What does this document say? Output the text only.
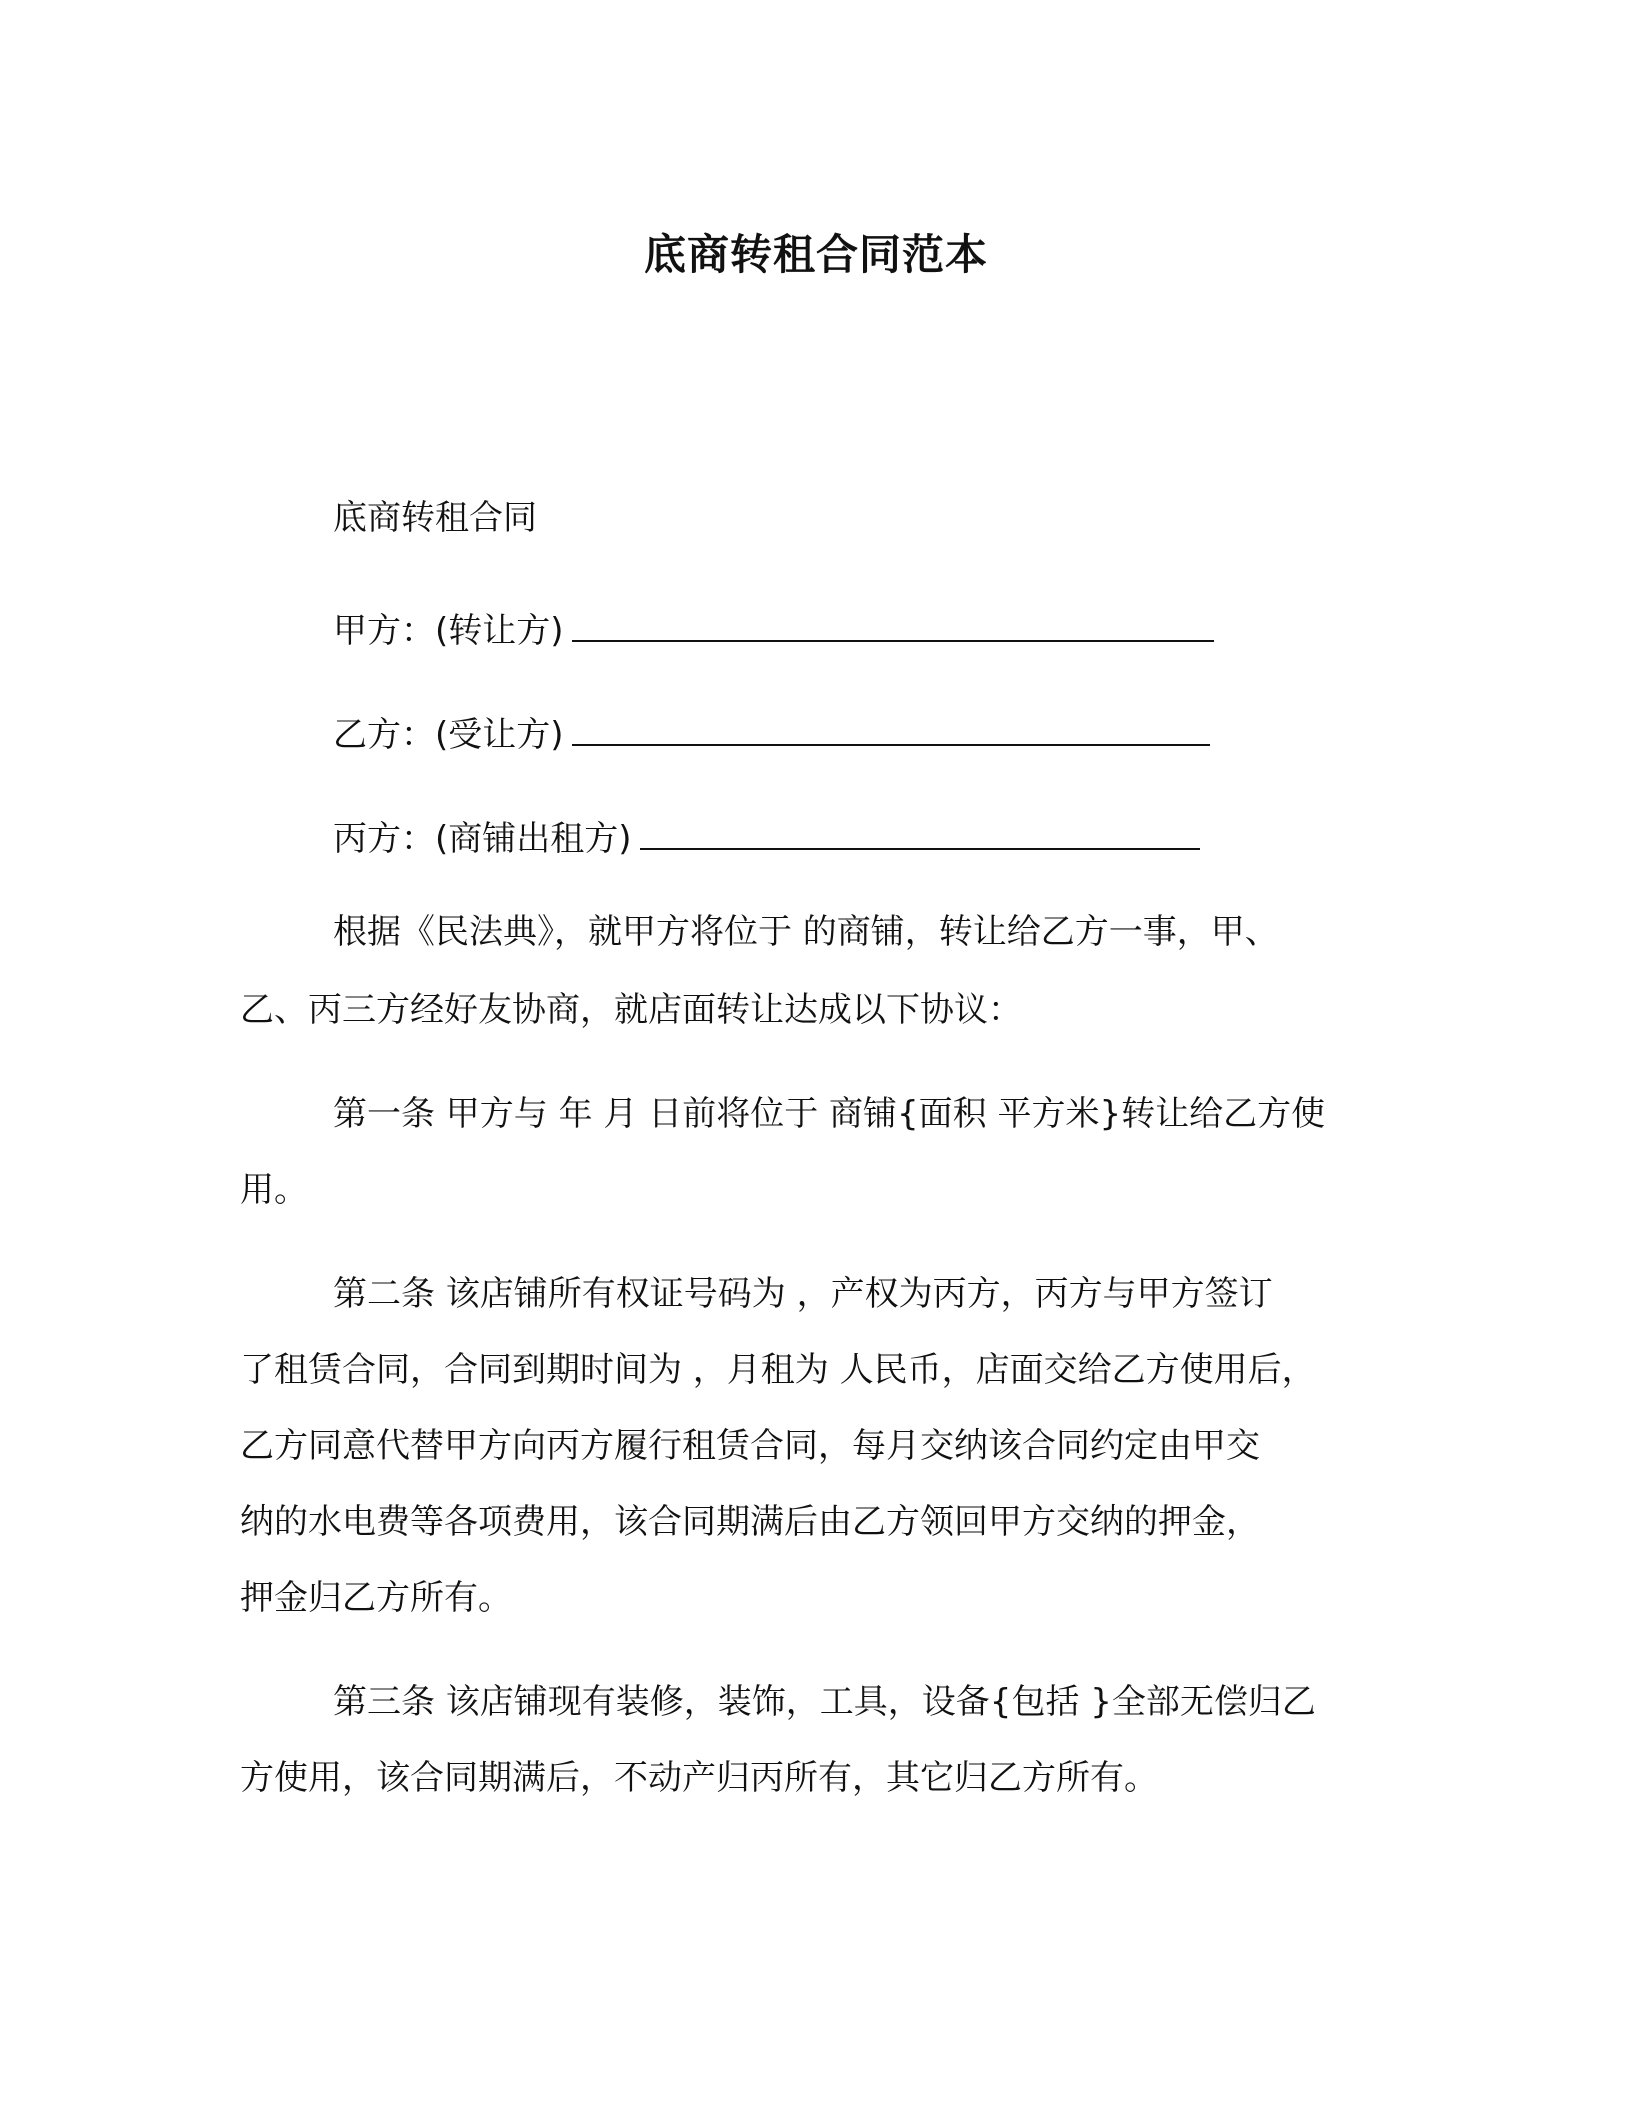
底商转租合同范本

底商转租合同

甲方：(转让方)

乙方：(受让方)

丙方：(商铺出租方)

根据《民法典》，就甲方将位于 的商铺，转让给乙方一事，甲、

乙、丙三方经好友协商，就店面转让达成以下协议：

第一条 甲方与 年 月 日前将位于 商铺{面积 平方米}转让给乙方使

用。

第二条 该店铺所有权证号码为 ，产权为丙方，丙方与甲方签订

了租赁合同，合同到期时间为 ，月租为 人民币，店面交给乙方使用后，

乙方同意代替甲方向丙方履行租赁合同，每月交纳该合同约定由甲交

纳的水电费等各项费用，该合同期满后由乙方领回甲方交纳的押金，

押金归乙方所有。

第三条 该店铺现有装修，装饰，工具，设备{包括 }全部无偿归乙

方使用，该合同期满后，不动产归丙所有，其它归乙方所有。
